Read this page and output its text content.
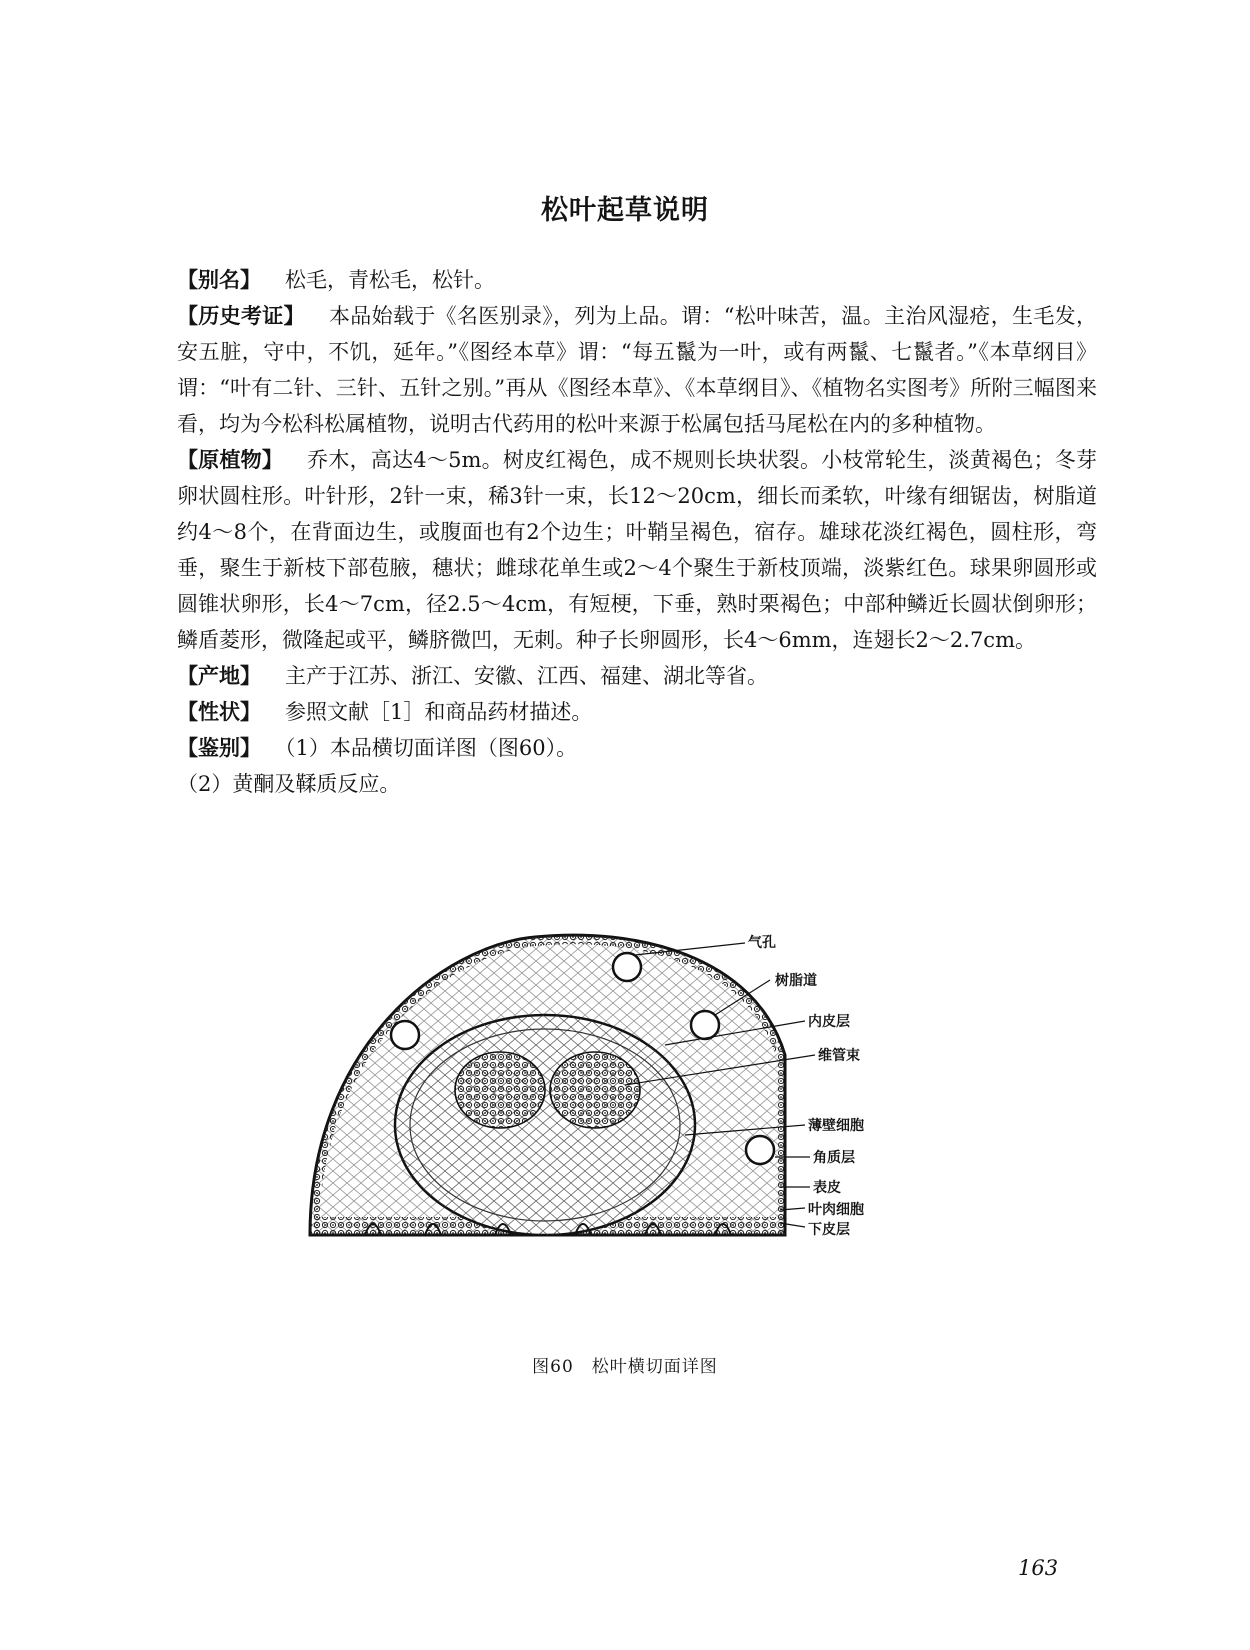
松叶起草说明

【别名】 松毛，青松毛，松针。

【历史考证】 本品始载于《名医别录》，列为上品。谓：“松叶味苦，温。主治风湿疮，生毛发，安五脏，守中，不饥，延年。”《图经本草》谓：“每五鬣为一叶，或有两鬣、七鬣者。”《本草纲目》谓：“叶有二针、三针、五针之别。”再从《图经本草》、《本草纲目》、《植物名实图考》所附三幅图来看，均为今松科松属植物，说明古代药用的松叶来源于松属包括马尾松在内的多种植物。

【原植物】 乔木，高达4～5m。树皮红褐色，成不规则长块状裂。小枝常轮生，淡黄褐色；冬芽卵状圆柱形。叶针形，2针一束，稀3针一束，长12～20cm，细长而柔软，叶缘有细锯齿，树脂道约4～8个，在背面边生，或腹面也有2个边生；叶鞘呈褐色，宿存。雄球花淡红褐色，圆柱形，弯垂，聚生于新枝下部苞腋，穗状；雌球花单生或2～4个聚生于新枝顶端，淡紫红色。球果卵圆形或圆锥状卵形，长4～7cm，径2.5～4cm，有短梗，下垂，熟时栗褐色；中部种鳞近长圆状倒卵形；鳞盾菱形，微隆起或平，鳞脐微凹，无刺。种子长卵圆形，长4～6mm，连翅长2～2.7cm。

【产地】 主产于江苏、浙江、安徽、江西、福建、湖北等省。

【性状】 参照文献［1］和商品药材描述。

【鉴别】 （1）本品横切面详图（图60）。

（2）黄酮及鞣质反应。

气孔
树脂道
内皮层
维管束
薄壁细胞
角质层
表皮
叶肉细胞
下皮层
图60　松叶横切面详图
163
